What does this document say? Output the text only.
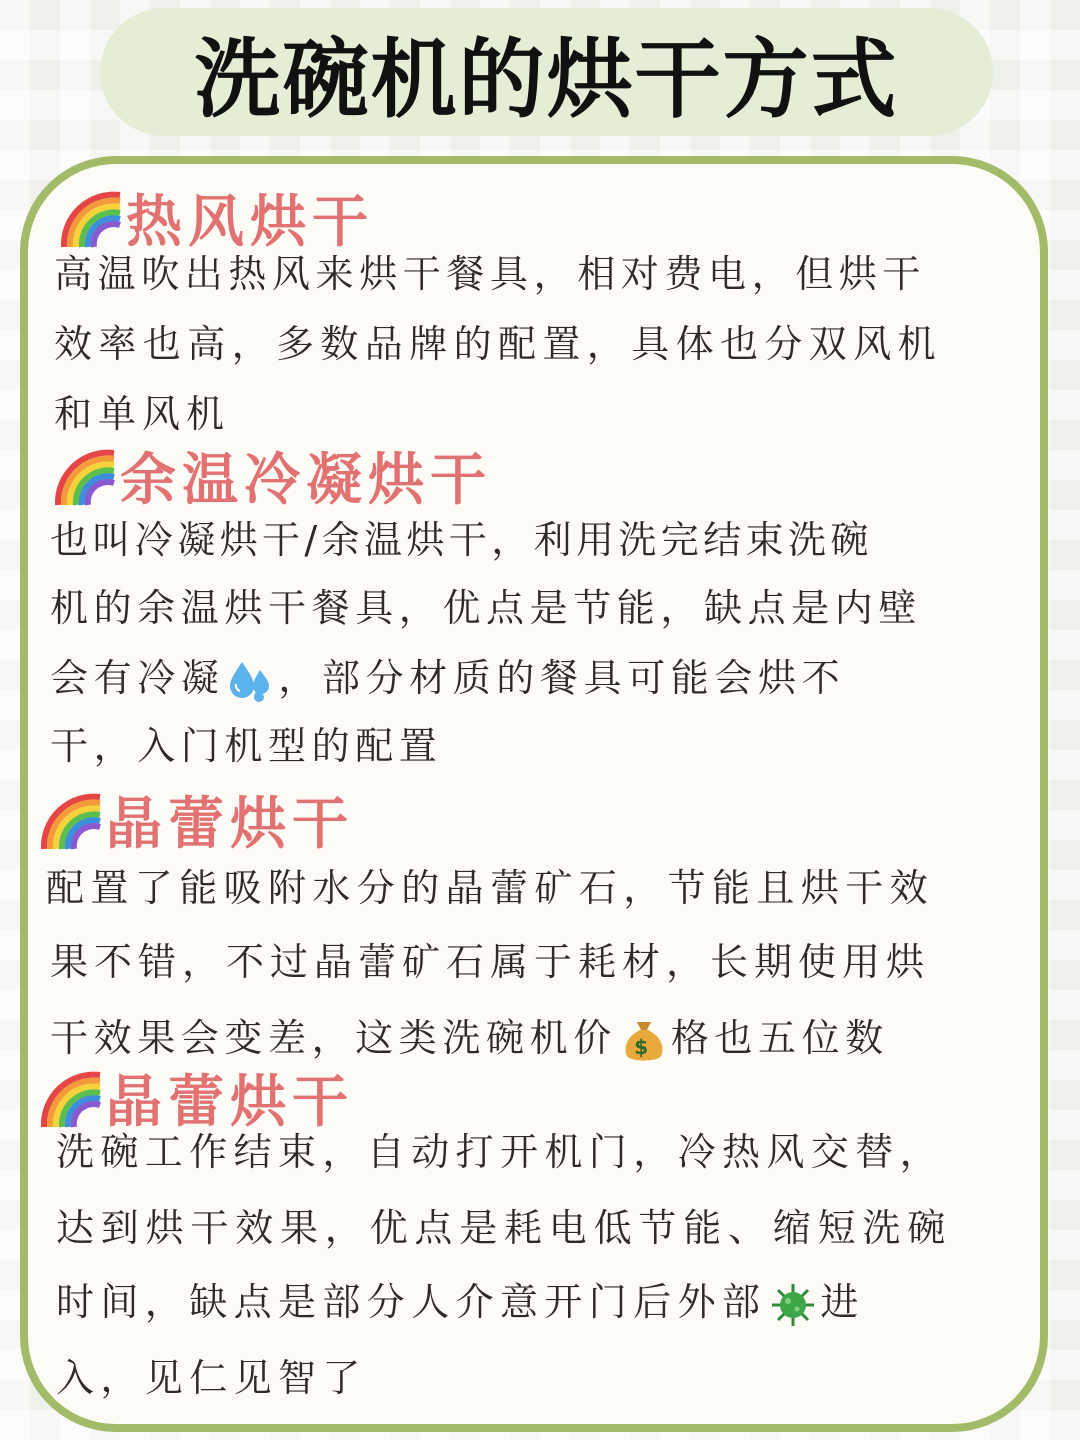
洗碗机的烘干方式
热风烘干
高温吹出热风来烘干餐具，相对费电，但烘干
效率也高，多数品牌的配置，具体也分双风机
和单风机
余温冷凝烘干
也叫冷凝烘干/余温烘干，利用洗完结束洗碗
机的余温烘干餐具，优点是节能，缺点是内壁
会有冷凝 ，部分材质的餐具可能会烘不
干，入门机型的配置
晶蕾烘干
配置了能吸附水分的晶蕾矿石，节能且烘干效
果不错，不过晶蕾矿石属于耗材，长期使用烘
干效果会变差，这类洗碗机价 $ 格也五位数
晶蕾烘干
洗碗工作结束，自动打开机门，冷热风交替，
达到烘干效果，优点是耗电低节能、缩短洗碗
时间，缺点是部分人介意开门后外部 进
入，见仁见智了
